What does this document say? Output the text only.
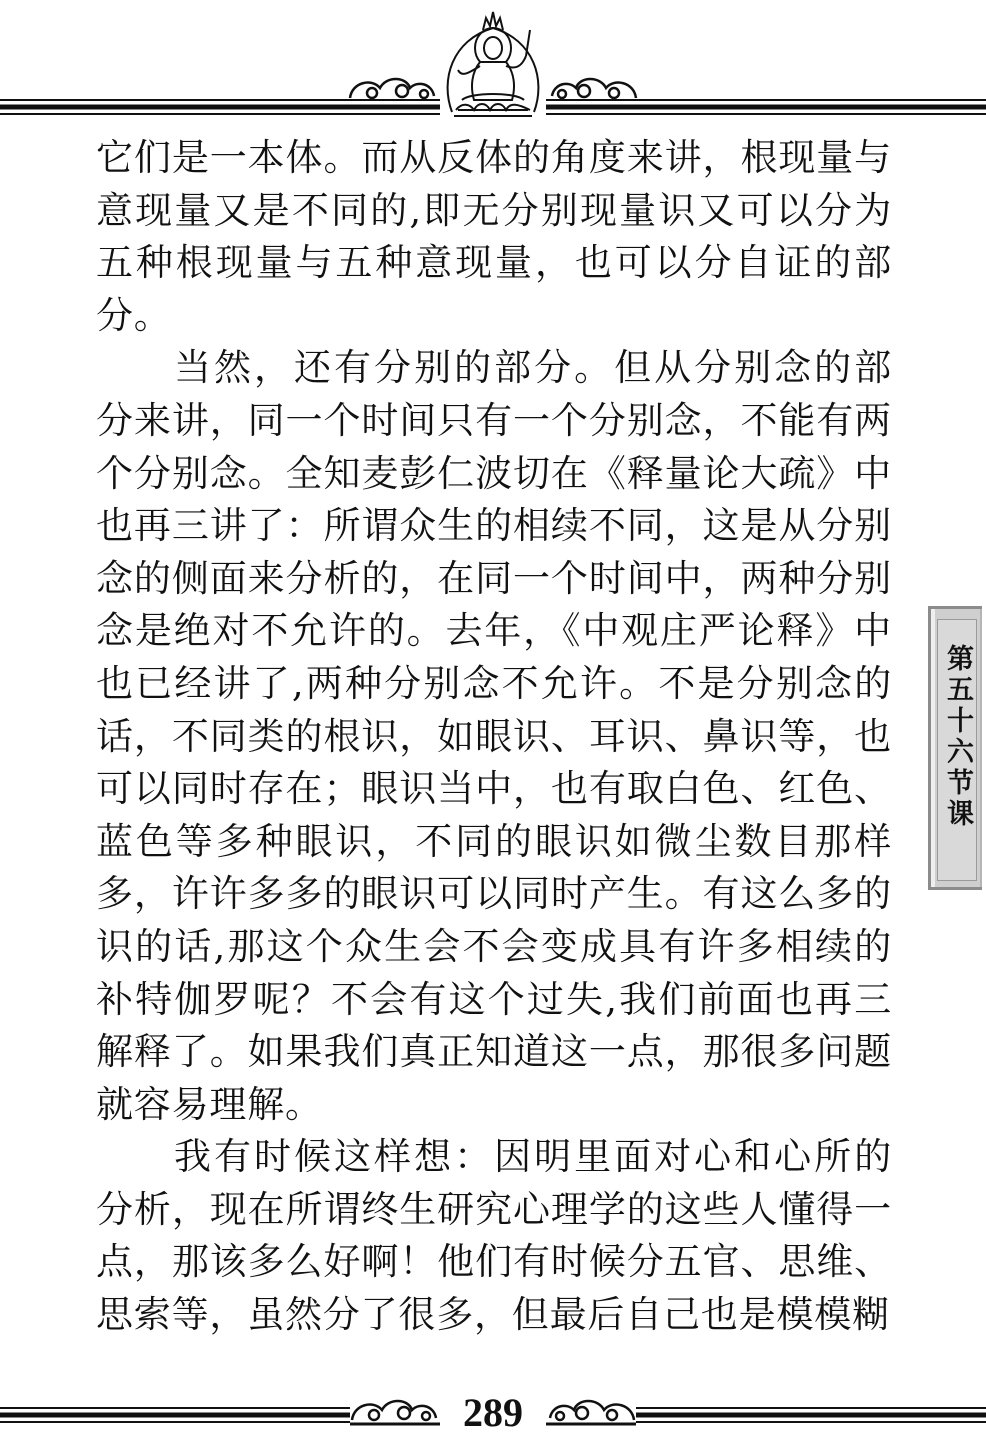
它们是一本体。而从反体的角度来讲，根现量与意现量又是不同的,即无分别现量识又可以分为五种根现量与五种意现量，也可以分自证的部分。

当然，还有分别的部分。但从分别念的部分来讲，同一个时间只有一个分别念，不能有两个分别念。全知麦彭仁波切在《释量论大疏》中也再三讲了：所谓众生的相续不同，这是从分别念的侧面来分析的，在同一个时间中，两种分别念是绝对不允许的。去年，《中观庄严论释》中也已经讲了,两种分别念不允许。不是分别念的话，不同类的根识，如眼识、耳识、鼻识等，也可以同时存在；眼识当中，也有取白色、红色、蓝色等多种眼识，不同的眼识如微尘数目那样多，许许多多的眼识可以同时产生。有这么多的识的话,那这个众生会不会变成具有许多相续的补特伽罗呢？不会有这个过失,我们前面也再三解释了。如果我们真正知道这一点，那很多问题就容易理解。

我有时候这样想：因明里面对心和心所的分析，现在所谓终生研究心理学的这些人懂得一点，那该多么好啊！他们有时候分五官、思维、思索等，虽然分了很多，但最后自己也是模模糊

第五十六节课
289
